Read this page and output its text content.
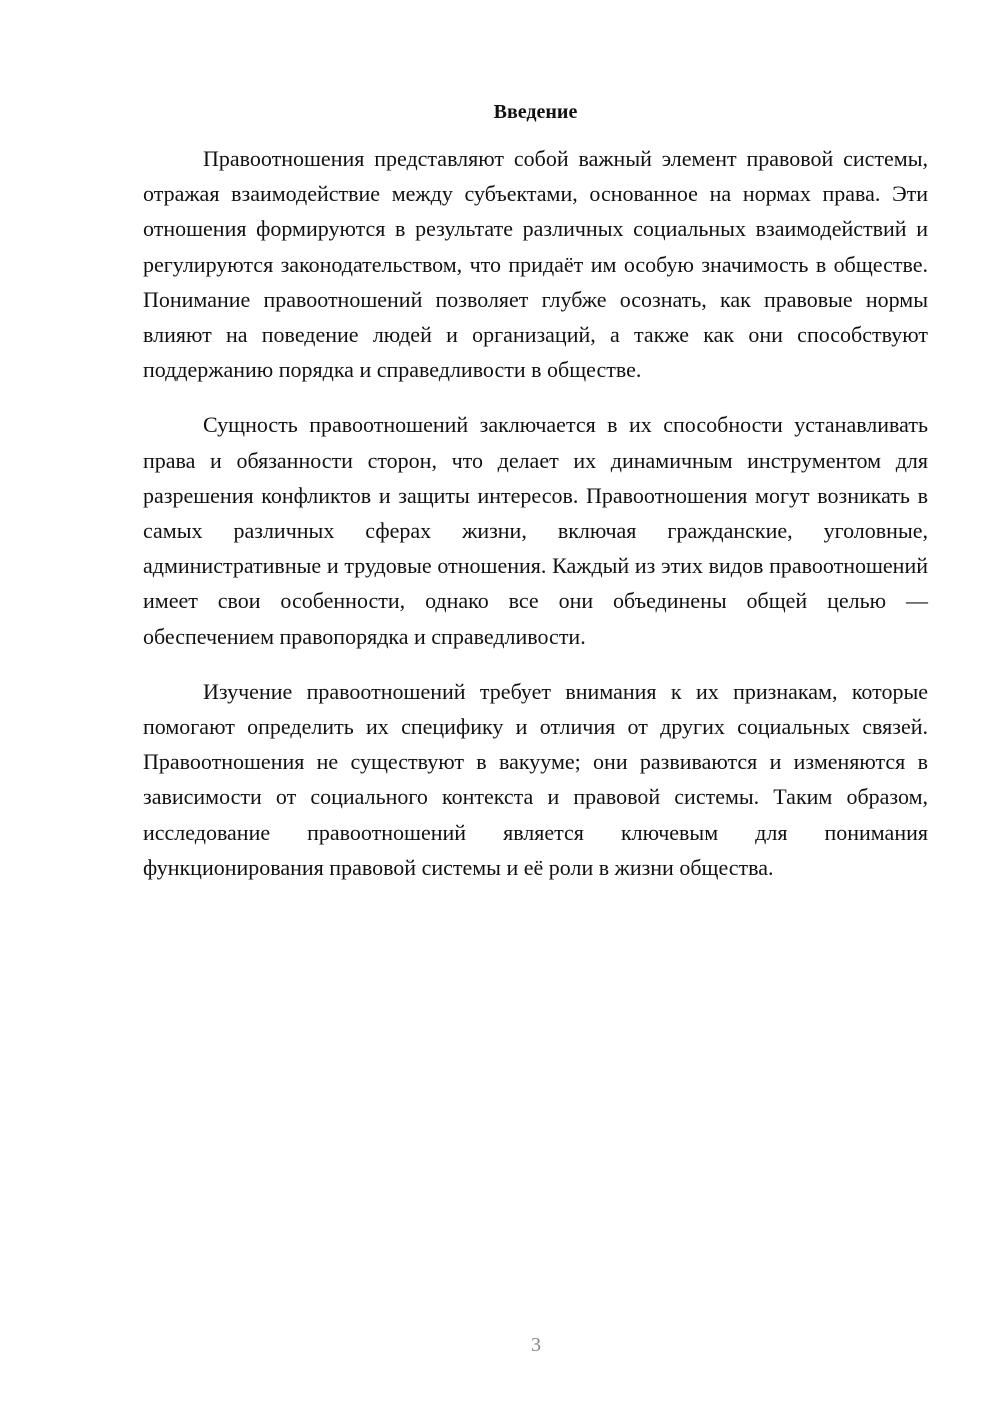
Введение

Правоотношения представляют собой важный элемент правовой системы, отражая взаимодействие между субъектами, основанное на нормах права. Эти отношения формируются в результате различных социальных взаимодействий и регулируются законодательством, что придаёт им особую значимость в обществе. Понимание правоотношений позволяет глубже осознать, как правовые нормы влияют на поведение людей и организаций, а также как они способствуют поддержанию порядка и справедливости в обществе.

Сущность правоотношений заключается в их способности устанавливать права и обязанности сторон, что делает их динамичным инструментом для разрешения конфликтов и защиты интересов. Правоотношения могут возникать в самых различных сферах жизни, включая гражданские, уголовные, административные и трудовые отношения. Каждый из этих видов правоотношений имеет свои особенности, однако все они объединены общей целью — обеспечением правопорядка и справедливости.

Изучение правоотношений требует внимания к их признакам, которые помогают определить их специфику и отличия от других социальных связей. Правоотношения не существуют в вакууме; они развиваются и изменяются в зависимости от социального контекста и правовой системы. Таким образом, исследование правоотношений является ключевым для понимания функционирования правовой системы и её роли в жизни общества.

3
